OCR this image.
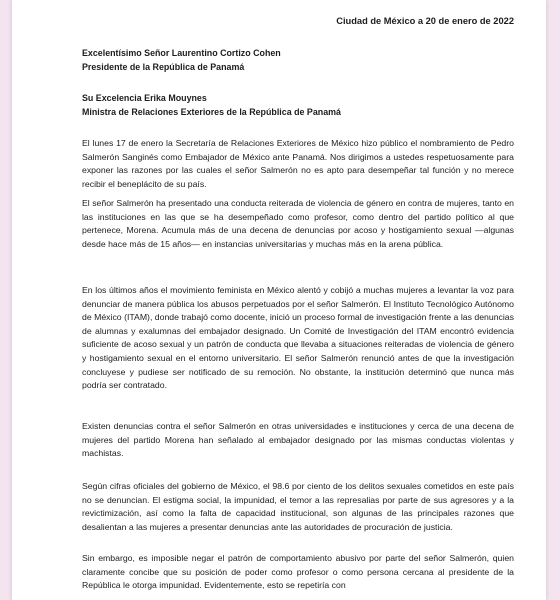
Ciudad de México a 20 de enero de 2022
Excelentísimo Señor Laurentino Cortizo Cohen
Presidente de la República de Panamá
Su Excelencia Erika Mouynes
Ministra de Relaciones Exteriores de la República de Panamá

El lunes 17 de enero la Secretaría de Relaciones Exteriores de México hizo público el nombramiento de Pedro Salmerón Sanginés como Embajador de México ante Panamá. Nos dirigimos a ustedes respetuosamente para exponer las razones por las cuales el señor Salmerón no es apto para desempeñar tal función y no merece recibir el beneplácito de su país.

El señor Salmerón ha presentado una conducta reiterada de violencia de género en contra de mujeres, tanto en las instituciones en las que se ha desempeñado como profesor, como dentro del partido político al que pertenece, Morena. Acumula más de una decena de denuncias por acoso y hostigamiento sexual —algunas desde hace más de 15 años— en instancias universitarias y muchas más en la arena pública.

En los últimos años el movimiento feminista en México alentó y cobijó a muchas mujeres a levantar la voz para denunciar de manera pública los abusos perpetuados por el señor Salmerón. El Instituto Tecnológico Autónomo de México (ITAM), donde trabajó como docente, inició un proceso formal de investigación frente a las denuncias de alumnas y exalumnas del embajador designado. Un Comité de Investigación del ITAM encontró evidencia suficiente de acoso sexual y un patrón de conducta que llevaba a situaciones reiteradas de violencia de género y hostigamiento sexual en el entorno universitario. El señor Salmerón renunció antes de que la investigación concluyese y pudiese ser notificado de su remoción. No obstante, la institución determinó que nunca más podría ser contratado.

Existen denuncias contra el señor Salmerón en otras universidades e instituciones y cerca de una decena de mujeres del partido Morena han señalado al embajador designado por las mismas conductas violentas y machistas.

Según cifras oficiales del gobierno de México, el 98.6 por ciento de los delitos sexuales cometidos en este país no se denuncian. El estigma social, la impunidad, el temor a las represalias por parte de sus agresores y a la revictimización, así como la falta de capacidad institucional, son algunas de las principales razones que desalientan a las mujeres a presentar denuncias ante las autoridades de procuración de justicia.

Sin embargo, es imposible negar el patrón de comportamiento abusivo por parte del señor Salmerón, quien claramente concibe que su posición de poder como profesor o como persona cercana al presidente de la República le otorga impunidad. Evidentemente, esto se repetiría con
